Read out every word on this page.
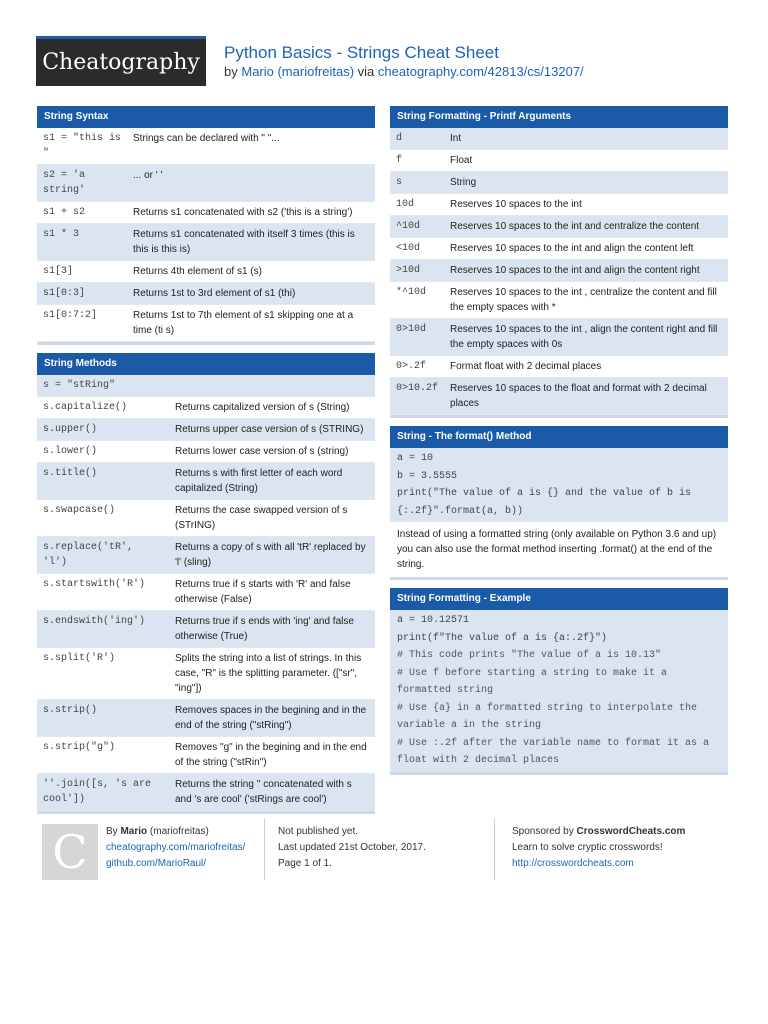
Cheatography	Python Basics - Strings Cheat Sheet
by Mario (mariofreitas) via cheatography.com/42813/cs/13207/
String Syntax
s1 = "this is "	Strings can be declared with " "...
s2 = 'a string'	... or ' '
s1 + s2	Returns s1 concatenated with s2 ('this is a string')
s1 * 3	Returns s1 concatenated with itself 3 times (this is this is this is)
s1[3]	Returns 4th element of s1 (s)
s1[0:3]	Returns 1st to 3rd element of s1 (thi)
s1[0:7:2]	Returns 1st to 7th element of s1 skipping one at a time (ti s)
String Methods
s = "stRing"	
s.capitalize()	Returns capitalized version of s (String)
s.upper()	Returns upper case version of s (STRING)
s.lower()	Returns lower case version of s (string)
s.title()	Returns s with first letter of each word capitalized (String)
s.swapcase()	Returns the case swapped version of s (STrING)
s.replace('tR', 'l')	Returns a copy of s with all 'tR' replaced by 'l' (sling)
s.startswith('R')	Returns true if s starts with 'R' and false otherwise (False)
s.endswith('ing')	Returns true if s ends with 'ing' and false otherwise (True)
s.split('R')	Splits the string into a list of strings. In this case, "R" is the splitting parameter. (["sr", "ing"])
s.strip()	Removes spaces in the begining and in the end of the string ("stRing")
s.strip("g")	Removes "g" in the begining and in the end of the string ("stRin")
''.join([s, 's are cool'])	Returns the string '' concatenated with s and 's are cool' ('stRings are cool')
String Formatting - Printf Arguments
d	Int
f	Float
s	String
10d	Reserves 10 spaces to the int
^10d	Reserves 10 spaces to the int and centralize the content
<10d	Reserves 10 spaces to the int and align the content left
>10d	Reserves 10 spaces to the int and align the content right
*^10d	Reserves 10 spaces to the int , centralize the content and fill the empty spaces with *
0>10d	Reserves 10 spaces to the int , align the content right and fill the empty spaces with 0s
0>.2f	Format float with 2 decimal places
0>10.2f	Reserves 10 spaces to the float and format with 2 decimal places
String - The format() Method
a = 10
b = 3.5555
print("The value of a is {} and the value of b is
{:.2f}".format(a, b))
Instead of using a formatted string (only available on Python 3.6 and up) you can also use the format method inserting .format() at the end of the string.
String Formatting - Example
a = 10.12571
print(f"The value of a is {a:.2f}")
# This code prints "The value of a is 10.13"
# Use f before starting a string to make it a
formatted string
# Use {a} in a formatted string to interpolate the
variable a in the string
# Use :.2f after the variable name to format it as a
float with 2 decimal places
C	By Mario (mariofreitas)
cheatography.com/mariofreitas/
github.com/MarioRaul/
Not published yet.
Last updated 21st October, 2017.
Page 1 of 1.
Sponsored by CrosswordCheats.com
Learn to solve cryptic crosswords!
http://crosswordcheats.com
